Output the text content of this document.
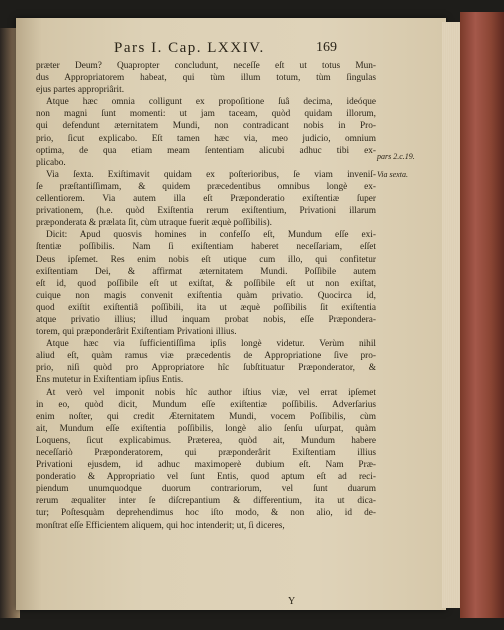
Pars I. Cap. LXXIV.	169
prӕter Deum? Quapropter concludunt, neceſſe eſt ut totus Mun-
dus Appropriatorem habeat, qui tùm illum totum, tùm ſingulas
ejus partes appropriârit.
Atque hæc omnia colligunt ex propoſitione ſuâ decima, ideóque
non magni ſunt momenti: ut jam taceam, quòd quidam illorum,
qui defendunt æternitatem Mundi, non contradicant nobis in Pro-
prio, ſicut explicabo. Eſt tamen hæc via, meo judicio, omnium
optima, de qua etiam meam ſententiam alicubi adhuc tibi ex-
plicabo.
Via ſexta. Exiſtimavit quidam ex poſterioribus, ſe viam inveniſ-
ſe præſtantiſſimam, & quidem præcedentibus omnibus longè ex-
cellentiorem. Via autem illa eſt Præponderatio exiſtentiæ ſuper
privationem, (h.e. quòd Exiſtentia rerum exiſtentium, Privationi illarum
præponderata & prælata ſit, cùm utraque fuerit æquè poſſibilis).
Dicit: Apud quosvis homines in confeſſo eſt, Mundum eſſe exi-
ſtentiæ poſſibilis. Nam ſi exiſtentiam haberet neceſſariam, eſſet
Deus ipſemet. Res enim nobis eſt utique cum illo, qui confitetur
exiſtentiam Dei, & affirmat æternitatem Mundi. Poſſibile autem
eſt id, quod poſſibile eſt ut exiſtat, & poſſibile eſt ut non exiſtat,
cuique non magis convenit exiſtentia quàm privatio. Quocirca id,
quod exiſtit exiſtentiâ poſſibili, ita ut æquè poſſibilis ſit exiſtentia
atque privatio illius; illud inquam probat nobis, eſſe Præpondera-
torem, qui præponderârit Exiſtentiam Privationi illius.
Atque hæc via ſufficientiſſima ipſis longè videtur. Verùm nihil
aliud eſt, quàm ramus viæ præcedentis de Appropriatione ſive pro-
prio, niſi quòd pro Appropriatore hîc ſubſtituatur Præponderator, &
Ens mutetur in Exiſtentiam ipſius Entis.
At verò vel imponit nobis hîc author iſtius viæ, vel errat ipſemet
in eo, quòd dicit, Mundum eſſe exiſtentiæ poſſibilis. Adverſarius
enim noſter, qui credit Æternitatem Mundi, vocem Poſſibilis, cùm
ait, Mundum eſſe exiſtentia poſſibilis, longè alio ſenſu uſurpat, quàm
Loquens, ſicut explicabimus. Præterea, quòd ait, Mundum habere
neceſſariò Præponderatorem, qui præponderârit Exiſtentiam illius
Privationi ejusdem, id adhuc maximoperè dubium eſt. Nam Præ-
ponderatio & Appropriatio vel ſunt Entis, quod aptum eſt ad reci-
piendum unumquodque duorum contrariorum, vel ſunt duarum
rerum æqualiter inter ſe diſcrepantium & differentium, ita ut dica-
tur; Poſtesquàm deprehendimus hoc iſto modo, & non alio, id de-
monſtrat eſſe Efficientem aliquem, qui hoc intenderit; ut, ſi diceres,
pars 2.c.19.
Via sexta.
Y
